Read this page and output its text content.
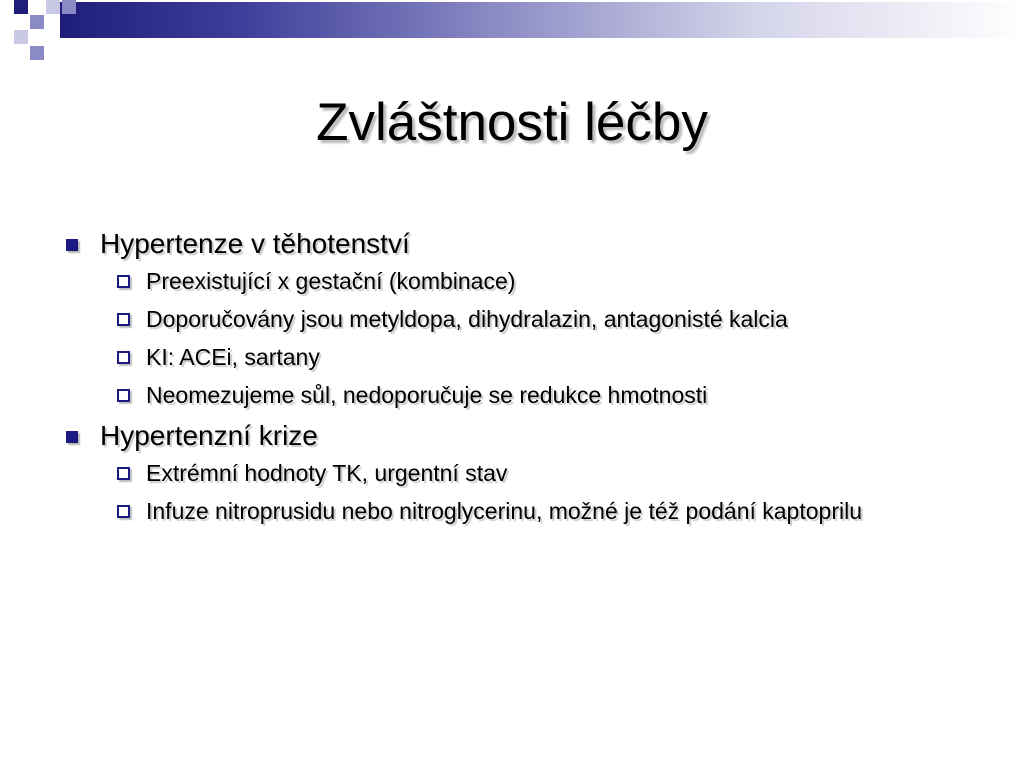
Zvláštnosti léčby
Hypertenze v těhotenství
Preexistující x gestační (kombinace)
Doporučovány jsou metyldopa, dihydralazin, antagonisté kalcia
KI: ACEi, sartany
Neomezujeme sůl, nedoporučuje se redukce hmotnosti
Hypertenzní krize
Extrémní hodnoty TK, urgentní stav
Infuze nitroprusidu nebo nitroglycerinu, možné je též podání kaptoprilu
